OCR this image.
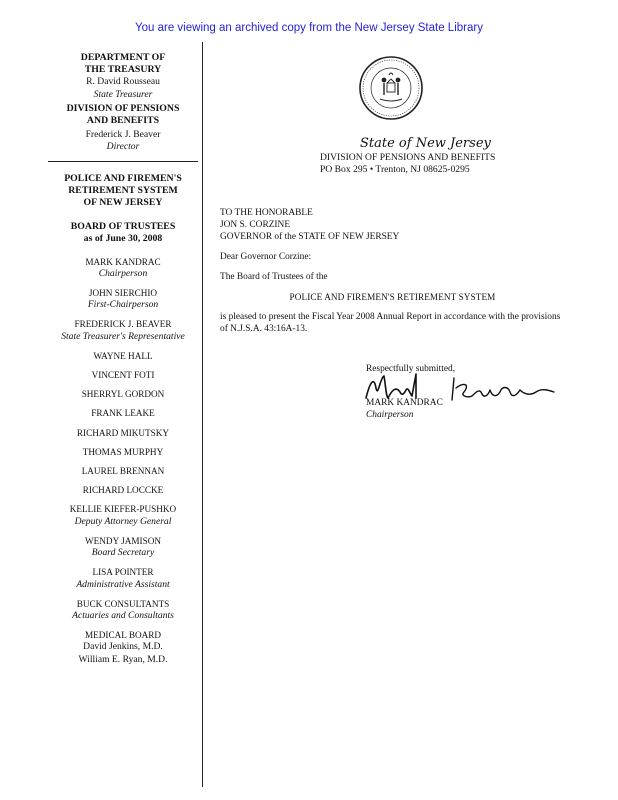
You are viewing an archived copy from the New Jersey State Library
DEPARTMENT OF
THE TREASURY
R. David Rousseau
State Treasurer
DIVISION OF PENSIONS
AND BENEFITS
Frederick J. Beaver
Director
POLICE AND FIREMEN'S
RETIREMENT SYSTEM
OF NEW JERSEY
BOARD OF TRUSTEES
as of June 30, 2008
MARK KANDRAC
Chairperson
JOHN SIERCHIO
First-Chairperson
FREDERICK J. BEAVER
State Treasurer's Representative
WAYNE HALL
VINCENT FOTI
SHERRYL GORDON
FRANK LEAKE
RICHARD MIKUTSKY
THOMAS MURPHY
LAUREL BRENNAN
RICHARD LOCCKE
KELLIE KIEFER-PUSHKO
Deputy Attorney General
WENDY JAMISON
Board Secretary
LISA POINTER
Administrative Assistant
BUCK CONSULTANTS
Actuaries and Consultants
MEDICAL BOARD
David Jenkins, M.D.
William E. Ryan, M.D.
State of New Jersey
DIVISION OF PENSIONS AND BENEFITS
PO Box 295 • Trenton, NJ 08625-0295
TO THE HONORABLE
JON S. CORZINE
GOVERNOR of the STATE OF NEW JERSEY
Dear Governor Corzine:
The Board of Trustees of the
POLICE AND FIREMEN'S RETIREMENT SYSTEM
is pleased to present the Fiscal Year 2008 Annual Report in accordance with the provisions of N.J.S.A. 43:16A-13.
Respectfully submitted,
MARK KANDRAC
Chairperson
